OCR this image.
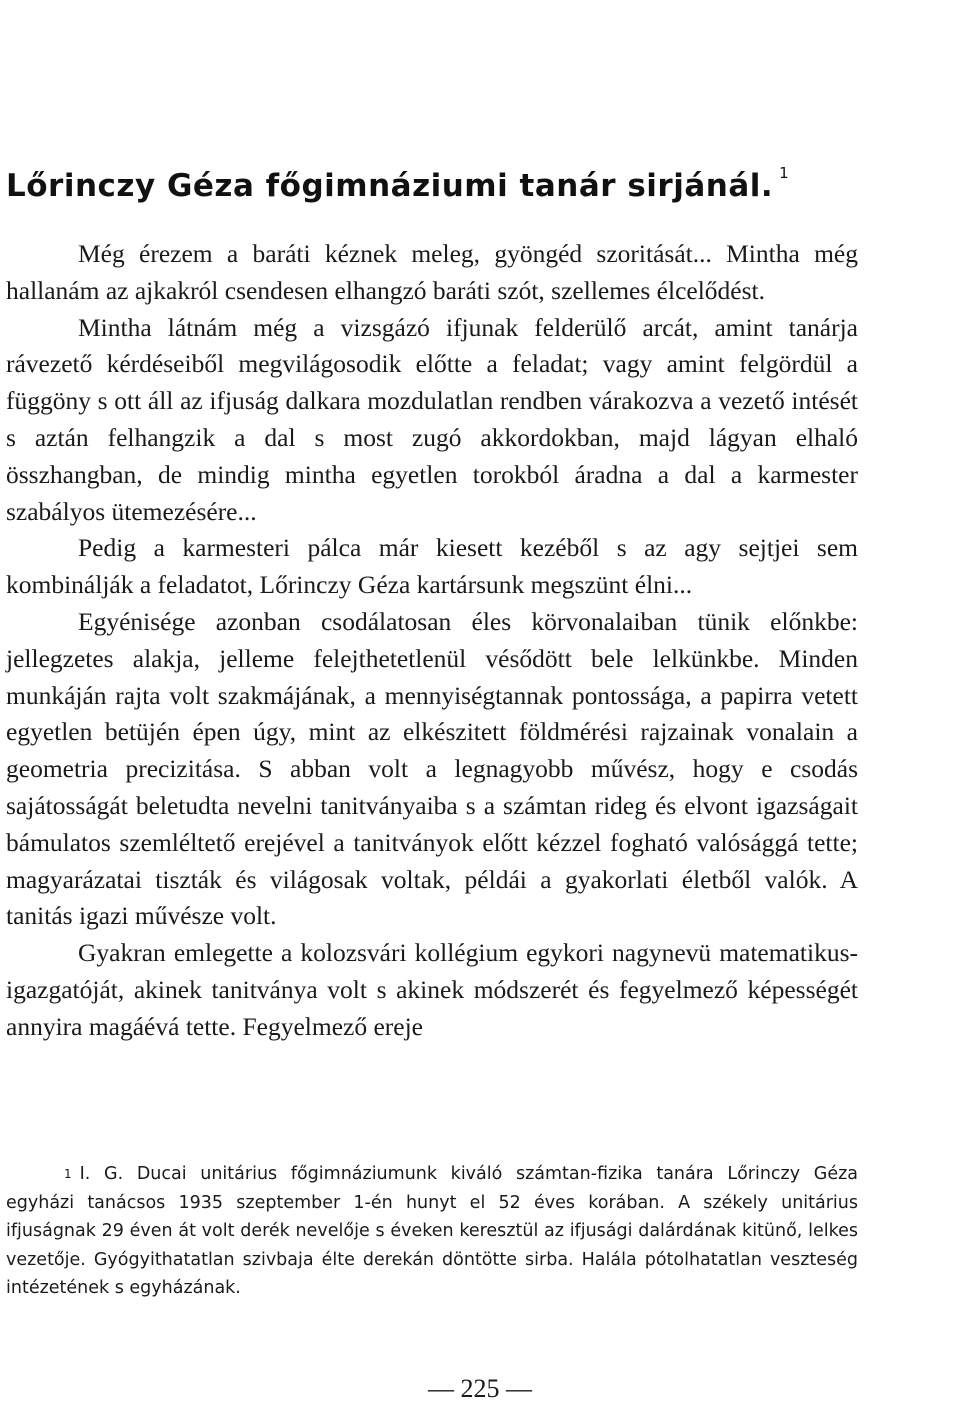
Lőrinczy Géza főgimnáziumi tanár sirjánál. $^1$

Még érezem a baráti kéznek meleg, gyöngéd szoritását... Mintha még hallanám az ajkakról csendesen elhangzó baráti szót, szellemes élcelődést.

Mintha látnám még a vizsgázó ifjunak felderülő arcát, amint tanárja rávezető kérdéseiből megvilágosodik előtte a feladat; vagy amint felgördül a függöny s ott áll az ifjuság dalkara mozdulatlan rendben várakozva a vezető intését s aztán felhangzik a dal s most zugó akkordokban, majd lágyan elhaló összhangban, de mindig mintha egyetlen torokból áradna a dal a karmester szabályos ütemezésére...

Pedig a karmesteri pálca már kiesett kezéből s az agy sejtjei sem kombinálják a feladatot, Lőrinczy Géza kartársunk megszünt élni...

Egyénisége azonban csodálatosan éles körvonalaiban tünik előnkbe: jellegzetes alakja, jelleme felejthetetlenül vésődött bele lelkünkbe. Minden munkáján rajta volt szakmájának, a mennyiségtannak pontossága, a papirra vetett egyetlen betüjén épen úgy, mint az elkészitett földmérési rajzainak vonalain a geometria precizitása. S abban volt a legnagyobb művész, hogy e csodás sajátosságát beletudta nevelni tanitványaiba s a számtan rideg és elvont igazságait bámulatos szemléltető erejével a tanitványok előtt kézzel fogható valósággá tette; magyarázatai tiszták és világosak voltak, példái a gyakorlati életből valók. A tanitás igazi művésze volt.

Gyakran emlegette a kolozsvári kollégium egykori nagynevü matematikus-igazgatóját, akinek tanitványa volt s akinek módszerét és fegyelmező képességét annyira magáévá tette. Fegyelmező ereje

$^1$ I. G. Ducai unitárius főgimnáziumunk kiváló számtan-fizika tanára Lőrinczy Géza egyházi tanácsos 1935 szeptember 1-én hunyt el 52 éves korában. A székely unitárius ifjuságnak 29 éven át volt derék nevelője s éveken keresztül az ifjusági dalárdának kitünő, lelkes vezetője. Gyógyithatatlan szivbaja élte derekán döntötte sirba. Halála pótolhatatlan veszteség intézetének s egyházának.

— 225 —
